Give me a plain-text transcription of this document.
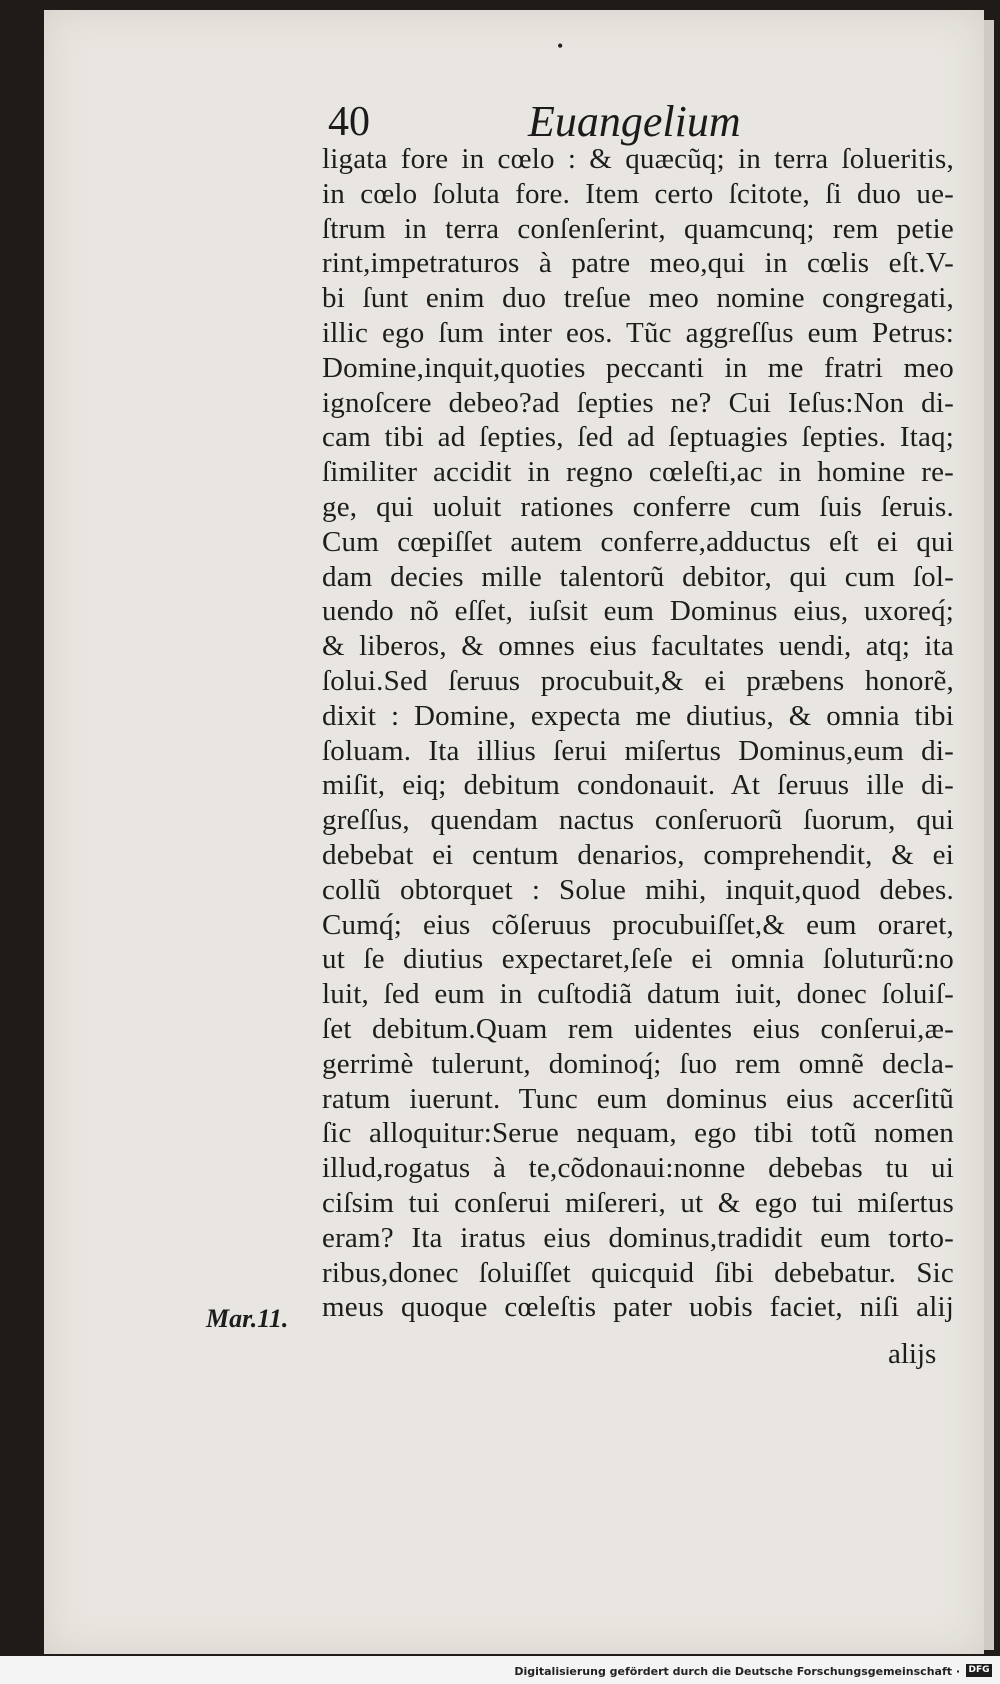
•
40	Euangelium
ligata fore in cœlo : & quæcũq; in terra ſolueritis,
in cœlo ſoluta fore. Item certo ſcitote, ſi duo ue-
ſtrum in terra conſenſerint, quamcunq; rem petie
rint,impetraturos à patre meo,qui in cœlis eſt.V-
bi ſunt enim duo treſue meo nomine congregati,
illic ego ſum inter eos. Tũc aggreſſus eum Petrus:
Domine,inquit,quoties peccanti in me fratri meo
ignoſcere debeo?ad ſepties ne? Cui Ieſus:Non di-
cam tibi ad ſepties, ſed ad ſeptuagies ſepties. Itaq;
ſimiliter accidit in regno cœleſti,ac in homine re-
ge, qui uoluit rationes conferre cum ſuis ſeruis.
Cum cœpiſſet autem conferre,adductus eſt ei qui
dam decies mille talentorũ debitor, qui cum ſol-
uendo nõ eſſet, iuſsit eum Dominus eius, uxoreq́;
& liberos, & omnes eius facultates uendi, atq; ita
ſolui.Sed ſeruus procubuit,& ei præbens honorẽ,
dixit : Domine, expecta me diutius, & omnia tibi
ſoluam. Ita illius ſerui miſertus Dominus,eum di-
miſit, eiq; debitum condonauit. At ſeruus ille di-
greſſus, quendam nactus conſeruorũ ſuorum, qui
debebat ei centum denarios, comprehendit, & ei
collũ obtorquet : Solue mihi, inquit,quod debes.
Cumq́; eius cõſeruus procubuiſſet,& eum oraret,
ut ſe diutius expectaret,ſeſe ei omnia ſoluturũ:no
luit, ſed eum in cuſtodiã datum iuit, donec ſoluiſ-
ſet debitum.Quam rem uidentes eius conſerui,æ-
gerrimè tulerunt, dominoq́; ſuo rem omnẽ decla-
ratum iuerunt. Tunc eum dominus eius accerſitũ
ſic alloquitur:Serue nequam, ego tibi totũ nomen
illud,rogatus à te,cõdonaui:nonne debebas tu ui
ciſsim tui conſerui miſereri, ut & ego tui miſertus
eram? Ita iratus eius dominus,tradidit eum torto-
ribus,donec ſoluiſſet quicquid ſibi debebatur. Sic
meus quoque cœleſtis pater uobis faciet, niſi alij
Mar.11.
alijs
Digitalisierung gefördert durch die Deutsche Forschungsgemeinschaft · DFG
